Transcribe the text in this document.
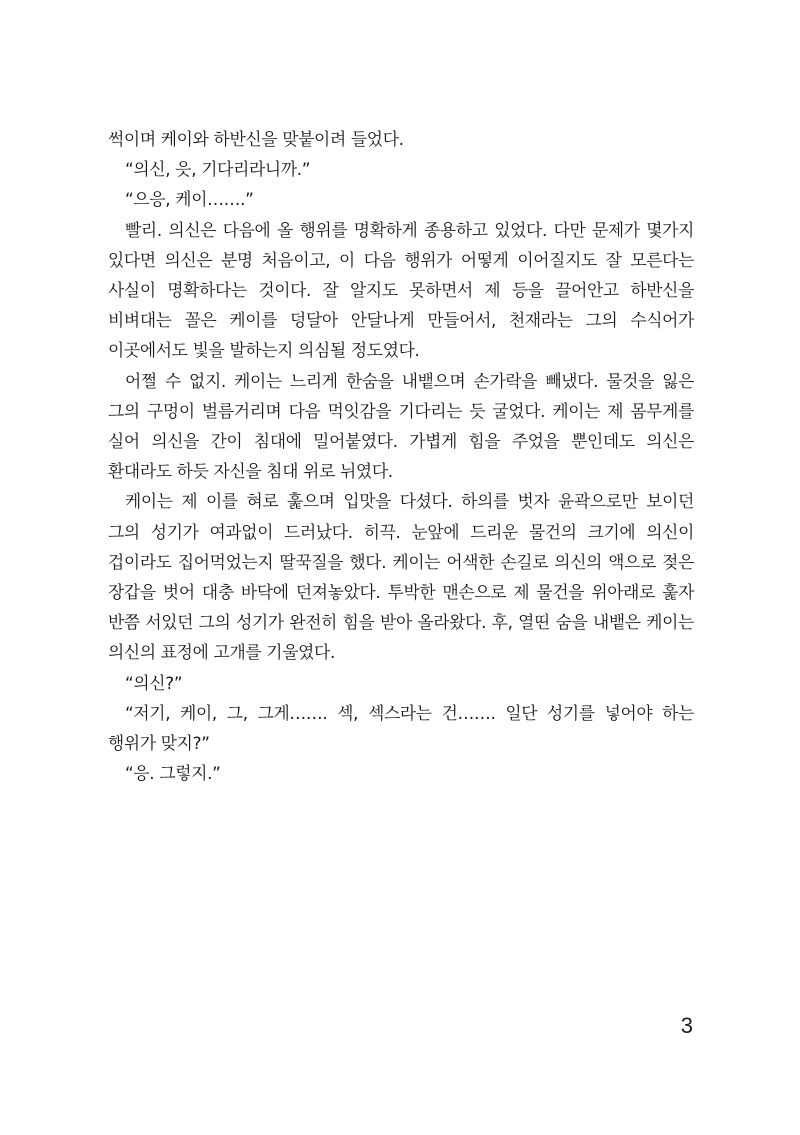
썩이며 케이와 하반신을 맞붙이려 들었다.

“의신, 읏, 기다리라니까.”

“으응, 케이…….”

빨리. 의신은 다음에 올 행위를 명확하게 종용하고 있었다. 다만 문제가 몇가지 있다면 의신은 분명 처음이고, 이 다음 행위가 어떻게 이어질지도 잘 모른다는 사실이 명확하다는 것이다. 잘 알지도 못하면서 제 등을 끌어안고 하반신을 비벼대는 꼴은 케이를 덩달아 안달나게 만들어서, 천재라는 그의 수식어가 이곳에서도 빛을 발하는지 의심될 정도였다.

어쩔 수 없지. 케이는 느리게 한숨을 내뱉으며 손가락을 빼냈다. 물것을 잃은 그의 구멍이 벌름거리며 다음 먹잇감을 기다리는 듯 굴었다. 케이는 제 몸무게를 실어 의신을 간이 침대에 밀어붙였다. 가볍게 힘을 주었을 뿐인데도 의신은 환대라도 하듯 자신을 침대 위로 뉘였다.

케이는 제 이를 혀로 훑으며 입맛을 다셨다. 하의를 벗자 윤곽으로만 보이던 그의 성기가 여과없이 드러났다. 히끅. 눈앞에 드리운 물건의 크기에 의신이 겁이라도 집어먹었는지 딸꾹질을 했다. 케이는 어색한 손길로 의신의 액으로 젖은 장갑을 벗어 대충 바닥에 던져놓았다. 투박한 맨손으로 제 물건을 위아래로 훑자 반쯤 서있던 그의 성기가 완전히 힘을 받아 올라왔다. 후, 열띤 숨을 내뱉은 케이는 의신의 표정에 고개를 기울였다.

“의신?”

“저기, 케이, 그, 그게……. 섹, 섹스라는 건……. 일단 성기를 넣어야 하는 행위가 맞지?”

“응. 그렇지.”

3
